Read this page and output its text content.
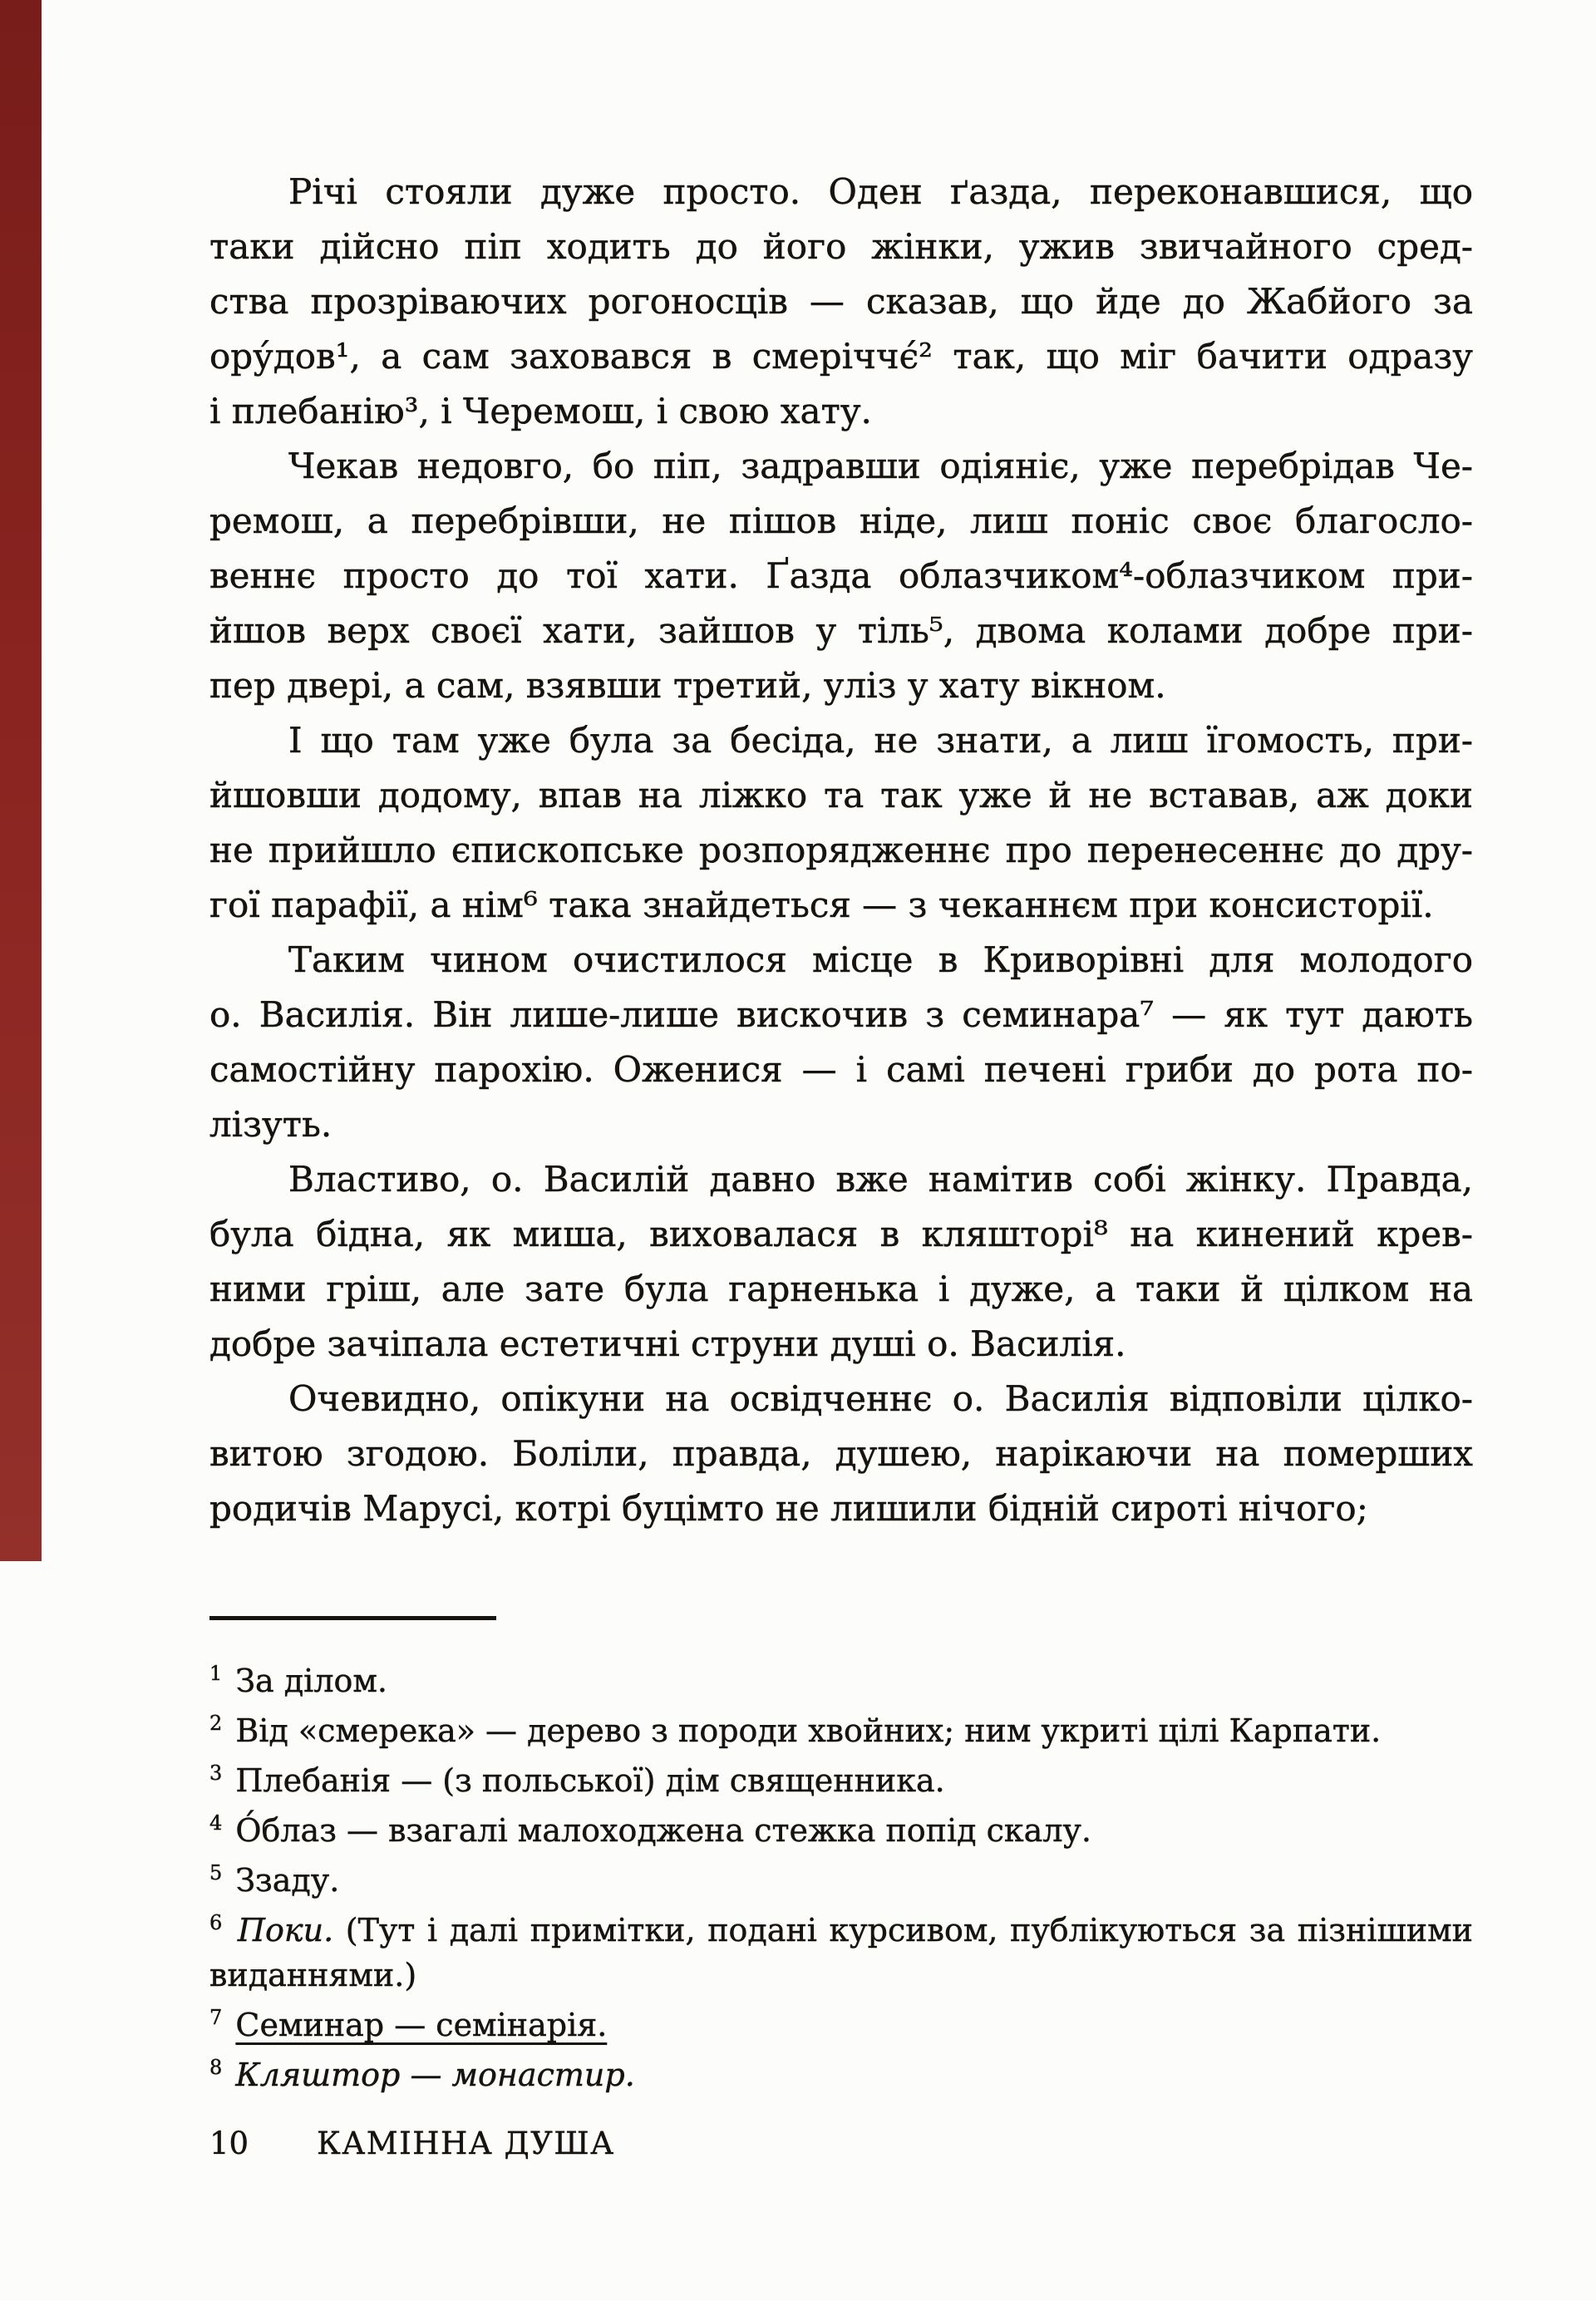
Річі стояли дуже просто. Оден ґазда, переконавшися, що
таки дійсно піп ходить до його жінки, ужив звичайного сред-
ства прозріваючих рогоносців — сказав, що йде до Жабйого за
ору́дов¹, а сам заховався в смеріччє́² так, що міг бачити одразу
і плебанію³, і Черемош, і свою хату.
Чекав недовго, бо піп, задравши одіяніє, уже перебрідав Че-
ремош, а перебрівши, не пішов ніде, лиш поніс своє благосло-
веннє просто до тої хати. Ґазда облазчиком⁴-облазчиком при-
йшов верх своєї хати, зайшов у тіль⁵, двома колами добре при-
пер двері, а сам, взявши третий, уліз у хату вікном.
І що там уже була за бесіда, не знати, а лиш їгомость, при-
йшовши додому, впав на ліжко та так уже й не вставав, аж доки
не прийшло єпископське розпорядженнє про перенесеннє до дру-
гої парафії, а нім⁶ така знайдеться — з чеканнєм при консисторії.
Таким чином очистилося місце в Криворівні для молодого
о. Василія. Він лише-лише вискочив з семинара⁷ — як тут дають
самостійну парохію. Оженися — і самі печені гриби до рота по-
лізуть.
Властиво, о. Василій давно вже намітив собі жінку. Правда,
була бідна, як миша, виховалася в кляшторі⁸ на кинений крев-
ними гріш, але зате була гарненька і дуже, а таки й цілком на
добре зачіпала естетичні струни душі о. Василія.
Очевидно, опікуни на освідченнє о. Василія відповіли цілко-
витою згодою. Боліли, правда, душею, нарікаючи на померших
родичів Марусі, котрі буцімто не лишили бідній сироті нічого;
$^1$ За ділом.
$^2$ Від «смерека» — дерево з породи хвойних; ним укриті цілі Карпати.
$^3$ Плебанія — (з польської) дім священника.
$^4$ О́блаз — взагалі малоходжена стежка попід скалу.
$^5$ Ззаду.
$^6$ Поки. (Тут і далі примітки, подані курсивом, публікуються за пізнішими виданнями.)
$^7$ Семинар — семінарія.
$^8$ Кляштор — монастир.
10 КАМІННА ДУША
